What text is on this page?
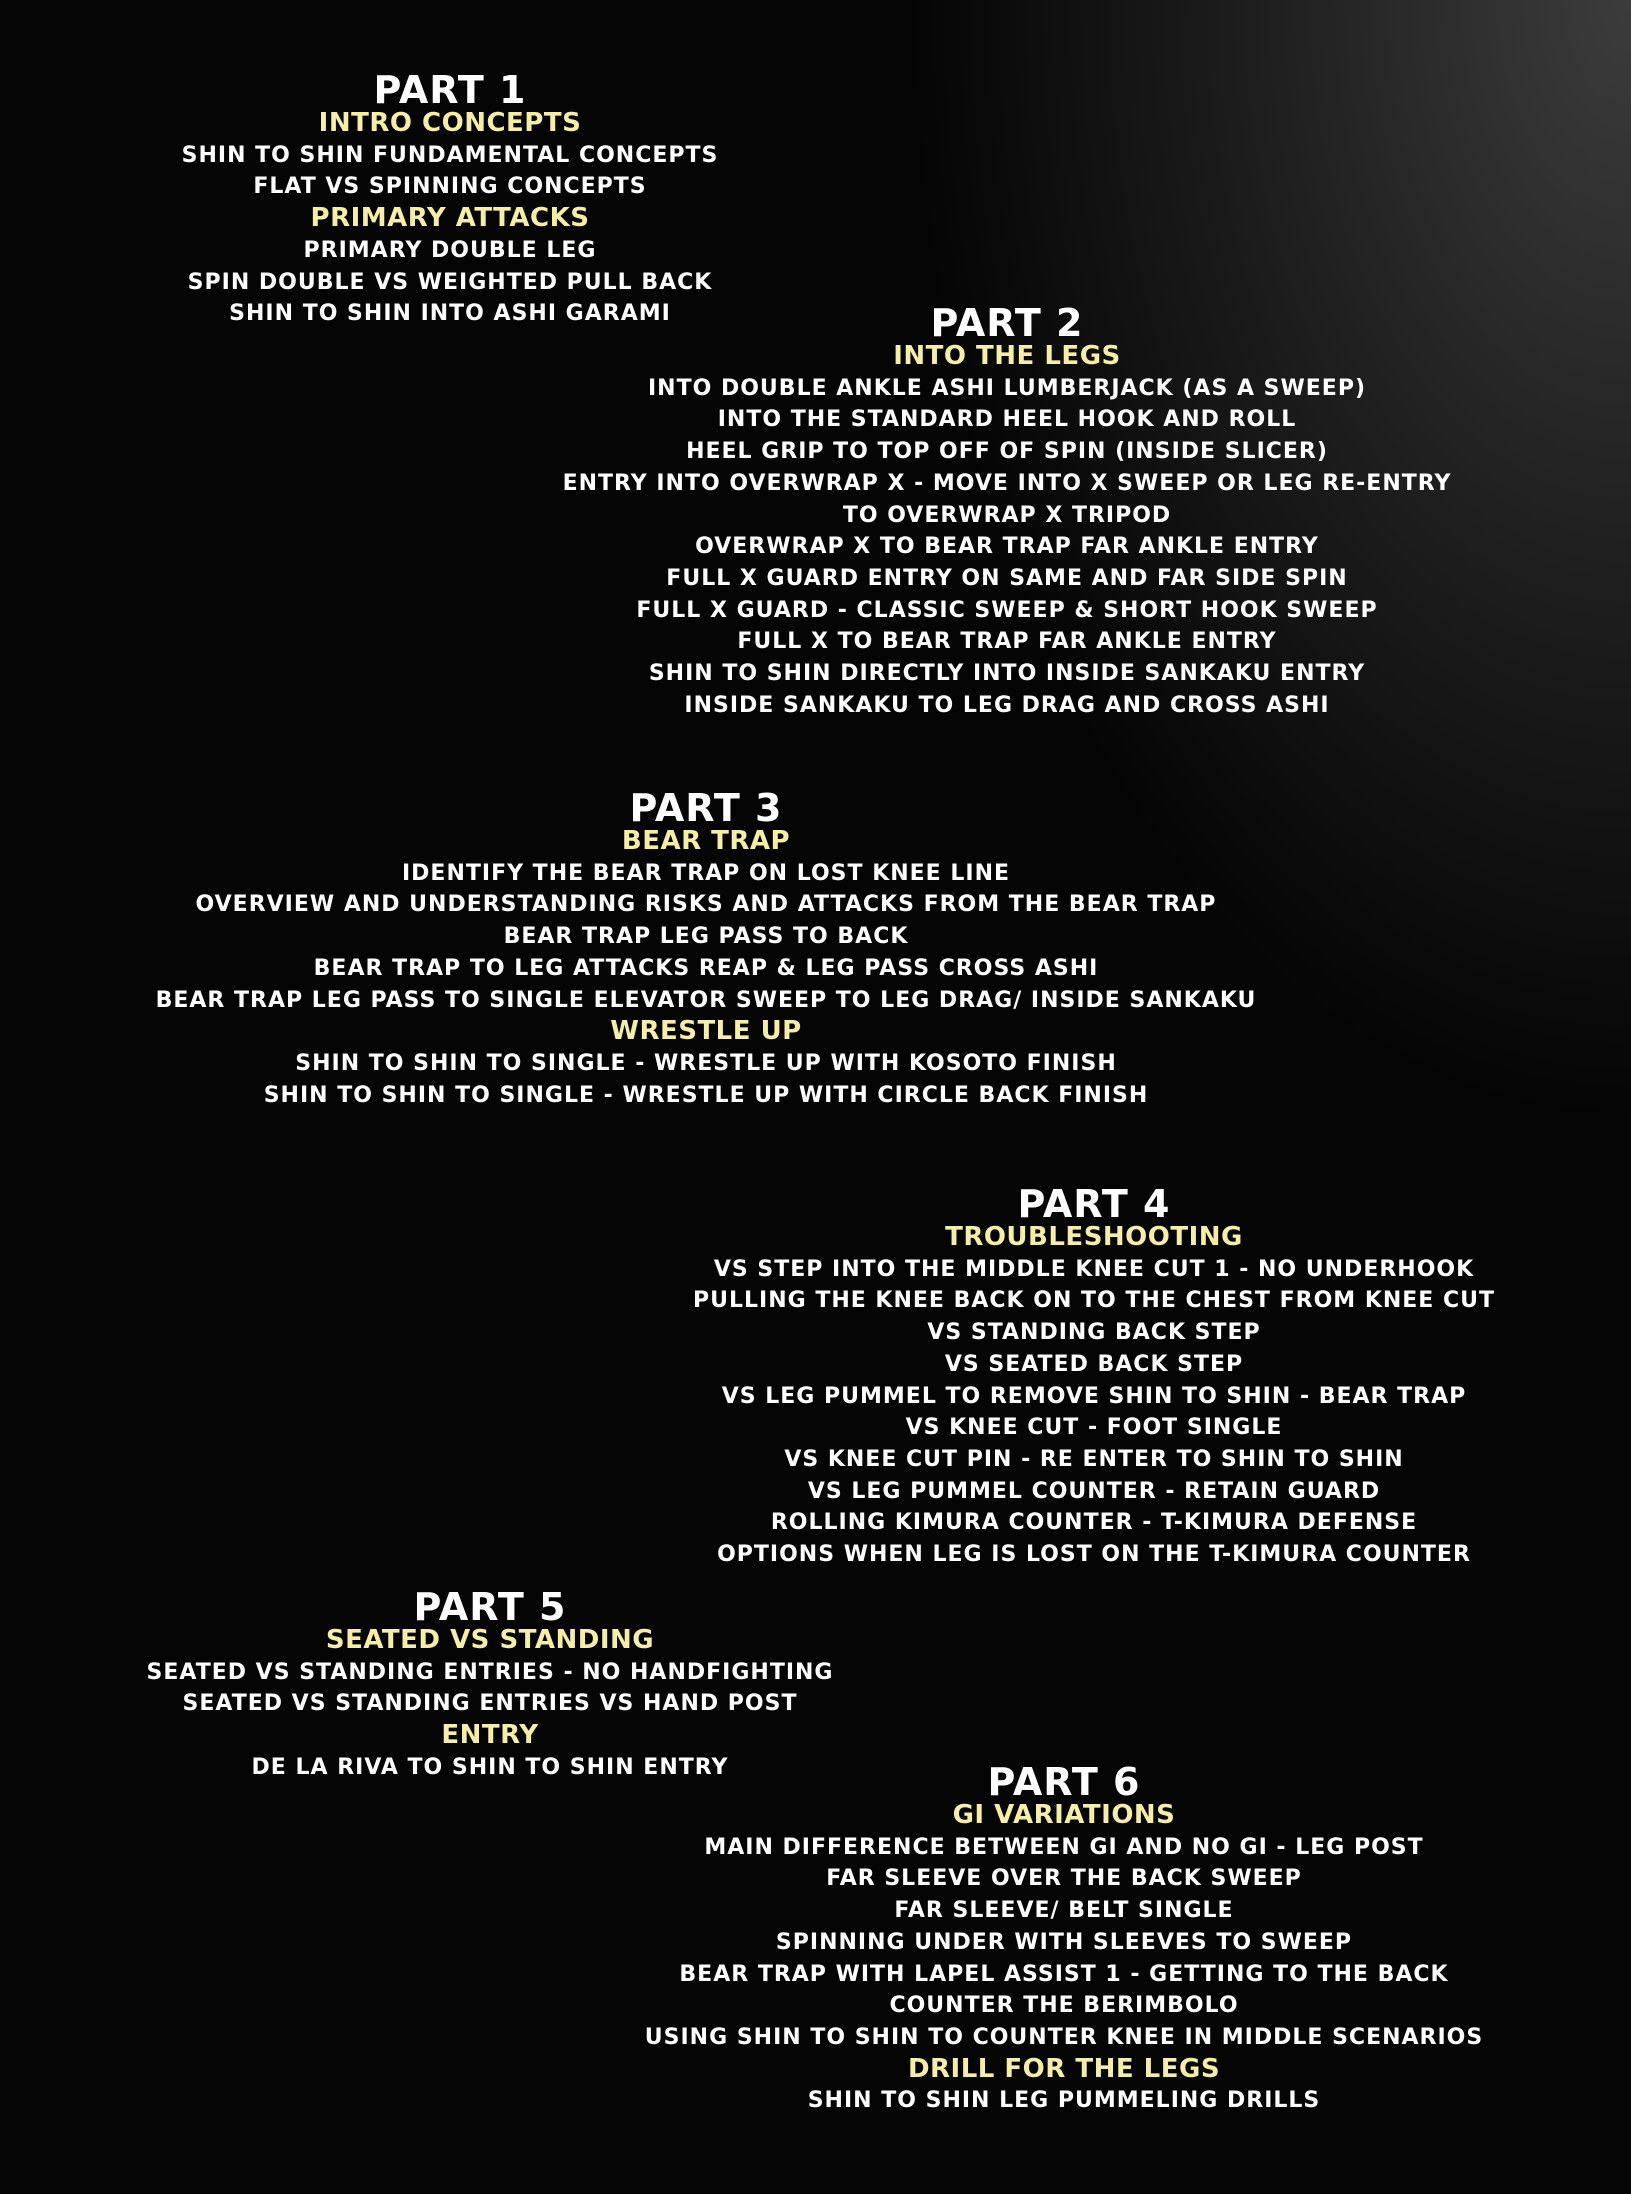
PART 1
INTRO CONCEPTS
SHIN TO SHIN FUNDAMENTAL CONCEPTS
FLAT VS SPINNING CONCEPTS
PRIMARY ATTACKS
PRIMARY DOUBLE LEG
SPIN DOUBLE VS WEIGHTED PULL BACK
SHIN TO SHIN INTO ASHI GARAMI	PART 2
INTO THE LEGS
INTO DOUBLE ANKLE ASHI LUMBERJACK (AS A SWEEP)
INTO THE STANDARD HEEL HOOK AND ROLL
HEEL GRIP TO TOP OFF OF SPIN (INSIDE SLICER)
ENTRY INTO OVERWRAP X - MOVE INTO X SWEEP OR LEG RE-ENTRY
TO OVERWRAP X TRIPOD
OVERWRAP X TO BEAR TRAP FAR ANKLE ENTRY
FULL X GUARD ENTRY ON SAME AND FAR SIDE SPIN
FULL X GUARD - CLASSIC SWEEP & SHORT HOOK SWEEP
FULL X TO BEAR TRAP FAR ANKLE ENTRY
SHIN TO SHIN DIRECTLY INTO INSIDE SANKAKU ENTRY
INSIDE SANKAKU TO LEG DRAG AND CROSS ASHI
PART 3
BEAR TRAP
IDENTIFY THE BEAR TRAP ON LOST KNEE LINE
OVERVIEW AND UNDERSTANDING RISKS AND ATTACKS FROM THE BEAR TRAP
BEAR TRAP LEG PASS TO BACK
BEAR TRAP TO LEG ATTACKS REAP & LEG PASS CROSS ASHI
BEAR TRAP LEG PASS TO SINGLE ELEVATOR SWEEP TO LEG DRAG/ INSIDE SANKAKU
WRESTLE UP
SHIN TO SHIN TO SINGLE - WRESTLE UP WITH KOSOTO FINISH
SHIN TO SHIN TO SINGLE - WRESTLE UP WITH CIRCLE BACK FINISH
PART 4
TROUBLESHOOTING
VS STEP INTO THE MIDDLE KNEE CUT 1 - NO UNDERHOOK
PULLING THE KNEE BACK ON TO THE CHEST FROM KNEE CUT
VS STANDING BACK STEP
VS SEATED BACK STEP
VS LEG PUMMEL TO REMOVE SHIN TO SHIN - BEAR TRAP
VS KNEE CUT - FOOT SINGLE
VS KNEE CUT PIN - RE ENTER TO SHIN TO SHIN
VS LEG PUMMEL COUNTER - RETAIN GUARD
ROLLING KIMURA COUNTER - T-KIMURA DEFENSE
OPTIONS WHEN LEG IS LOST ON THE T-KIMURA COUNTER
PART 5
SEATED VS STANDING
SEATED VS STANDING ENTRIES - NO HANDFIGHTING
SEATED VS STANDING ENTRIES VS HAND POST
ENTRY
DE LA RIVA TO SHIN TO SHIN ENTRY	PART 6
GI VARIATIONS
MAIN DIFFERENCE BETWEEN GI AND NO GI - LEG POST
FAR SLEEVE OVER THE BACK SWEEP
FAR SLEEVE/ BELT SINGLE
SPINNING UNDER WITH SLEEVES TO SWEEP
BEAR TRAP WITH LAPEL ASSIST 1 - GETTING TO THE BACK
COUNTER THE BERIMBOLO
USING SHIN TO SHIN TO COUNTER KNEE IN MIDDLE SCENARIOS
DRILL FOR THE LEGS
SHIN TO SHIN LEG PUMMELING DRILLS
